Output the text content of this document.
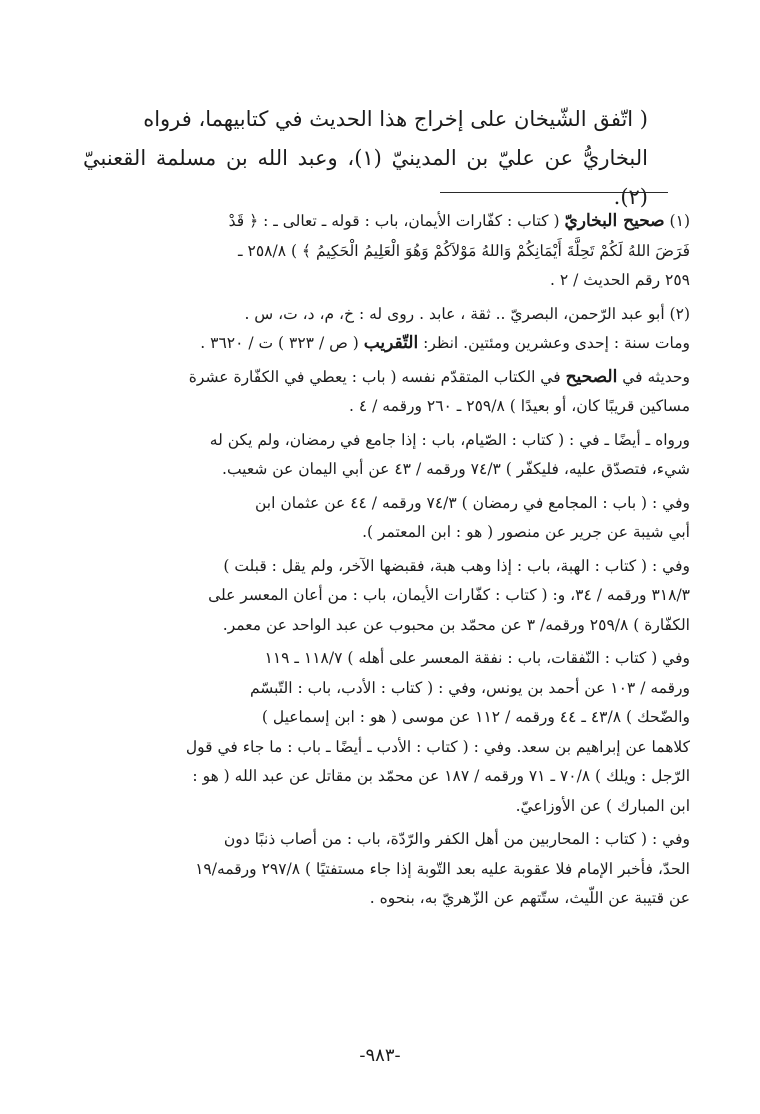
( اتّفق الشّيخان على إخراج هذا الحديث في كتابيهما، فرواه

البخاريُّ عن عليّ بن المدينيّ (١)، وعبد الله بن مسلمة القعنبيّ (٢).

(١) صحيح البخاريّ ( كتاب : كفّارات الأيمان، باب : قوله ـ تعالى ـ : ﴿ قَدْ
فَرَضَ اللهُ لَكُمْ تَحِلَّةَ أَيْمَانِكُمْ وَاللهُ مَوْلاَكُمْ وَهُوَ الْعَلِيمُ الْحَكِيمُ ﴾ ) ٢٥٨/٨ ـ
٢٥٩ رقم الحديث / ٢ .
(٢) أبو عبد الرّحمن، البصريّ .. ثقة ، عابد . روى له : خ، م، د، ت، س .
ومات سنة : إحدى وعشرين ومئتين. انظر: التّقريب ( ص / ٣٢٣ ) ت / ٣٦٢٠ .
وحديثه في الصحيح في الكتاب المتقدّم نفسه ( باب : يعطي في الكفّارة عشرة
مساكين قريبًا كان، أو بعيدًا ) ٢٥٩/٨ ـ ٢٦٠ ورقمه / ٤ .
ورواه ـ أيضًا ـ في : ( كتاب : الصّيام، باب : إذا جامع في رمضان، ولم يكن له
شيء، فتصدّق عليه، فليكفّر ) ٧٤/٣ ورقمه / ٤٣ عن أبي اليمان عن شعيب.
وفي : ( باب : المجامع في رمضان ) ٧٤/٣ ورقمه / ٤٤ عن عثمان ابن
أبي شيبة عن جرير عن منصور ( هو : ابن المعتمر ).
وفي : ( كتاب : الهبة، باب : إذا وهب هبة، فقبضها الآخر، ولم يقل : قبلت )
٣١٨/٣ ورقمه / ٣٤، و: ( كتاب : كفّارات الأيمان، باب : من أعان المعسر على
الكفّارة ) ٢٥٩/٨ ورقمه/ ٣ عن محمّد بن محبوب عن عبد الواحد عن معمر.
وفي ( كتاب : النّفقات، باب : نفقة المعسر على أهله ) ١١٨/٧ ـ ١١٩
ورقمه / ١٠٣ عن أحمد بن يونس، وفي : ( كتاب : الأدب، باب : التّبسّم
والضّحك ) ٤٣/٨ ـ ٤٤ ورقمه / ١١٢ عن موسى ( هو : ابن إسماعيل )
كلاهما عن إبراهيم بن سعد. وفي : ( كتاب : الأدب ـ أيضًا ـ باب : ما جاء في قول
الرّجل : ويلك ) ٧٠/٨ ـ ٧١ ورقمه / ١٨٧ عن محمّد بن مقاتل عن عبد الله ( هو :
ابن المبارك ) عن الأوزاعيّ.
وفي : ( كتاب : المحاربين من أهل الكفر والرّدّة، باب : من أصاب ذنبًا دون
الحدّ، فأخبر الإمام فلا عقوبة عليه بعد التّوبة إذا جاء مستفتيًا ) ٢٩٧/٨ ورقمه/١٩
عن قتيبة عن اللّيث، ستّتهم عن الزّهريّ به، بنحوه .
-٩٨٣-
